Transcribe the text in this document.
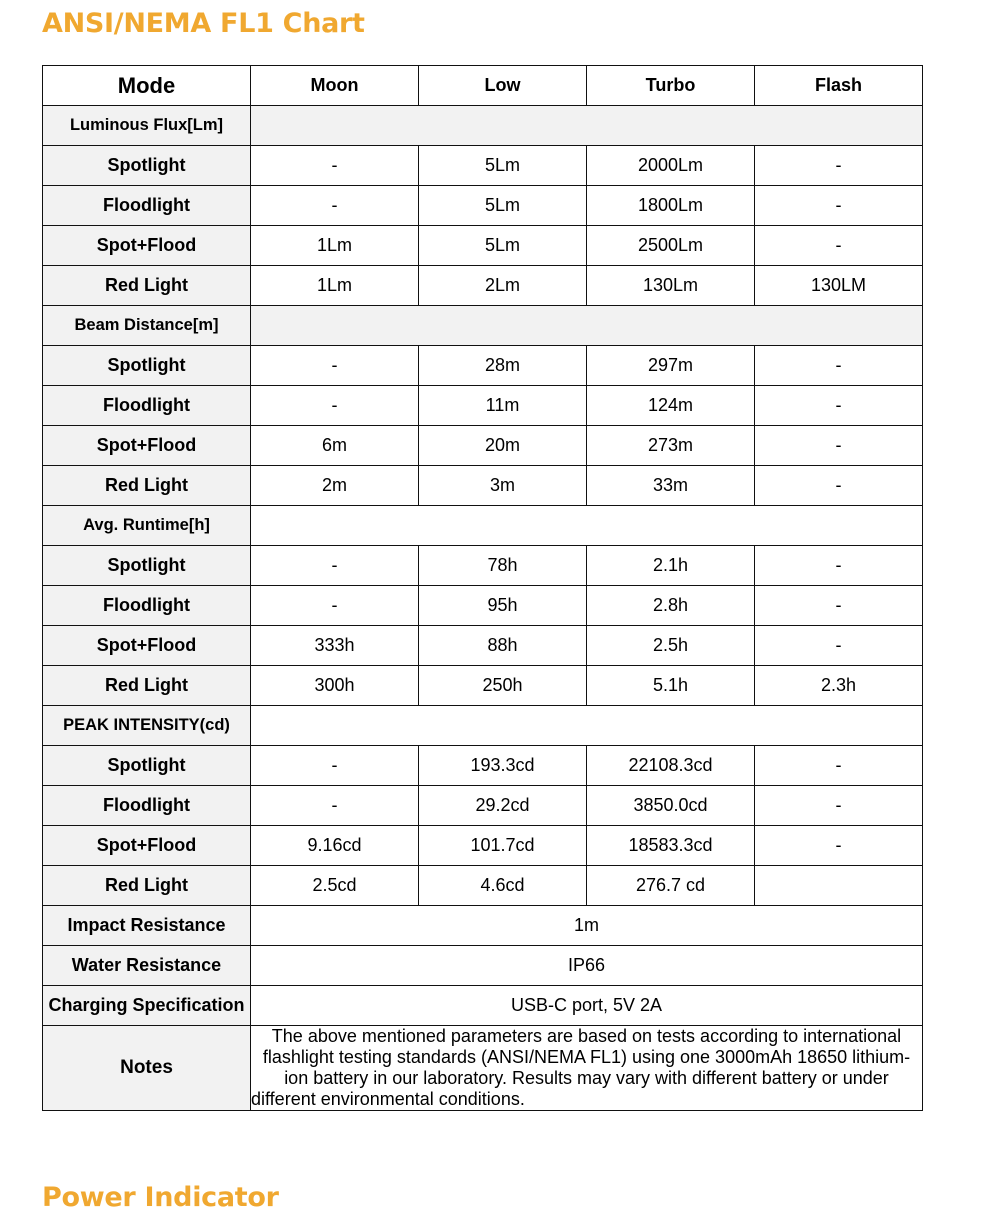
ANSI/NEMA FL1 Chart
Mode	Moon	Low	Turbo	Flash
Luminous Flux[Lm]				
Spotlight	-	5Lm	2000Lm	-
Floodlight	-	5Lm	1800Lm	-
Spot+Flood	1Lm	5Lm	2500Lm	-
Red Light	1Lm	2Lm	130Lm	130LM
Beam Distance[m]				
Spotlight	-	28m	297m	-
Floodlight	-	11m	124m	-
Spot+Flood	6m	20m	273m	-
Red Light	2m	3m	33m	-
Avg. Runtime[h]				
Spotlight	-	78h	2.1h	-
Floodlight	-	95h	2.8h	-
Spot+Flood	333h	88h	2.5h	-
Red Light	300h	250h	5.1h	2.3h
PEAK INTENSITY(cd)				
Spotlight	-	193.3cd	22108.3cd	-
Floodlight	-	29.2cd	3850.0cd	-
Spot+Flood	9.16cd	101.7cd	18583.3cd	-
Red Light	2.5cd	4.6cd	276.7 cd	
Impact Resistance	1m			
Water Resistance	IP66			
Charging Specification	USB-C port, 5V 2A			
Notes	The above mentioned parameters are based on tests according to international flashlight testing standards (ANSI/NEMA FL1) using one 3000mAh 18650 lithium-ion battery in our laboratory. Results may vary with different battery or under different environmental conditions.			
Power Indicator
